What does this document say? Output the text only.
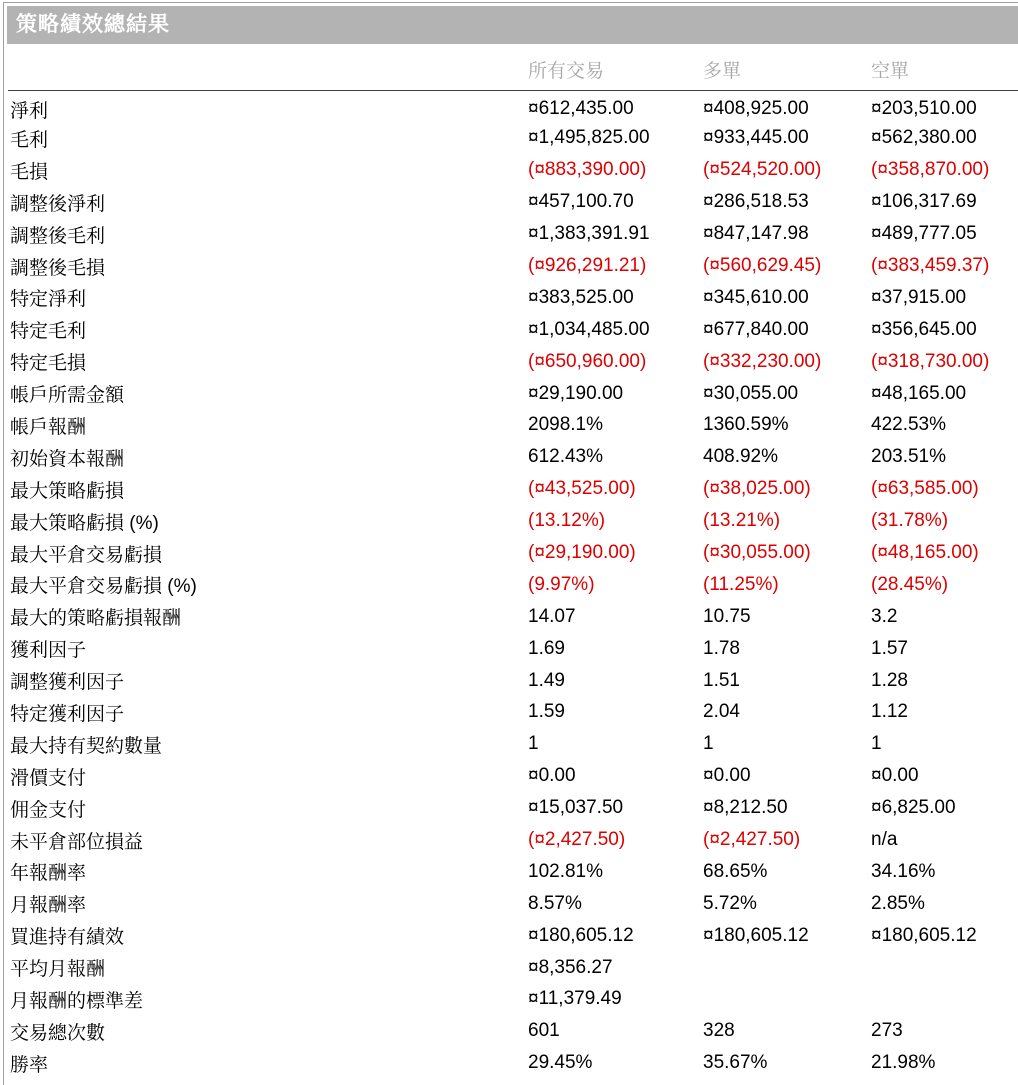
策略績效總結果
	所有交易	多單	空單
淨利	¤612,435.00	¤408,925.00	¤203,510.00
毛利	¤1,495,825.00	¤933,445.00	¤562,380.00
毛損	(¤883,390.00)	(¤524,520.00)	(¤358,870.00)
調整後淨利	¤457,100.70	¤286,518.53	¤106,317.69
調整後毛利	¤1,383,391.91	¤847,147.98	¤489,777.05
調整後毛損	(¤926,291.21)	(¤560,629.45)	(¤383,459.37)
特定淨利	¤383,525.00	¤345,610.00	¤37,915.00
特定毛利	¤1,034,485.00	¤677,840.00	¤356,645.00
特定毛損	(¤650,960.00)	(¤332,230.00)	(¤318,730.00)
帳戶所需金額	¤29,190.00	¤30,055.00	¤48,165.00
帳戶報酬	2098.1%	1360.59%	422.53%
初始資本報酬	612.43%	408.92%	203.51%
最大策略虧損	(¤43,525.00)	(¤38,025.00)	(¤63,585.00)
最大策略虧損 (%)	(13.12%)	(13.21%)	(31.78%)
最大平倉交易虧損	(¤29,190.00)	(¤30,055.00)	(¤48,165.00)
最大平倉交易虧損 (%)	(9.97%)	(11.25%)	(28.45%)
最大的策略虧損報酬	14.07	10.75	3.2
獲利因子	1.69	1.78	1.57
調整獲利因子	1.49	1.51	1.28
特定獲利因子	1.59	2.04	1.12
最大持有契約數量	1	1	1
滑價支付	¤0.00	¤0.00	¤0.00
佣金支付	¤15,037.50	¤8,212.50	¤6,825.00
未平倉部位損益	(¤2,427.50)	(¤2,427.50)	n/a
年報酬率	102.81%	68.65%	34.16%
月報酬率	8.57%	5.72%	2.85%
買進持有績效	¤180,605.12	¤180,605.12	¤180,605.12
平均月報酬	¤8,356.27		
月報酬的標準差	¤11,379.49		
交易總次數	601	328	273
勝率	29.45%	35.67%	21.98%
